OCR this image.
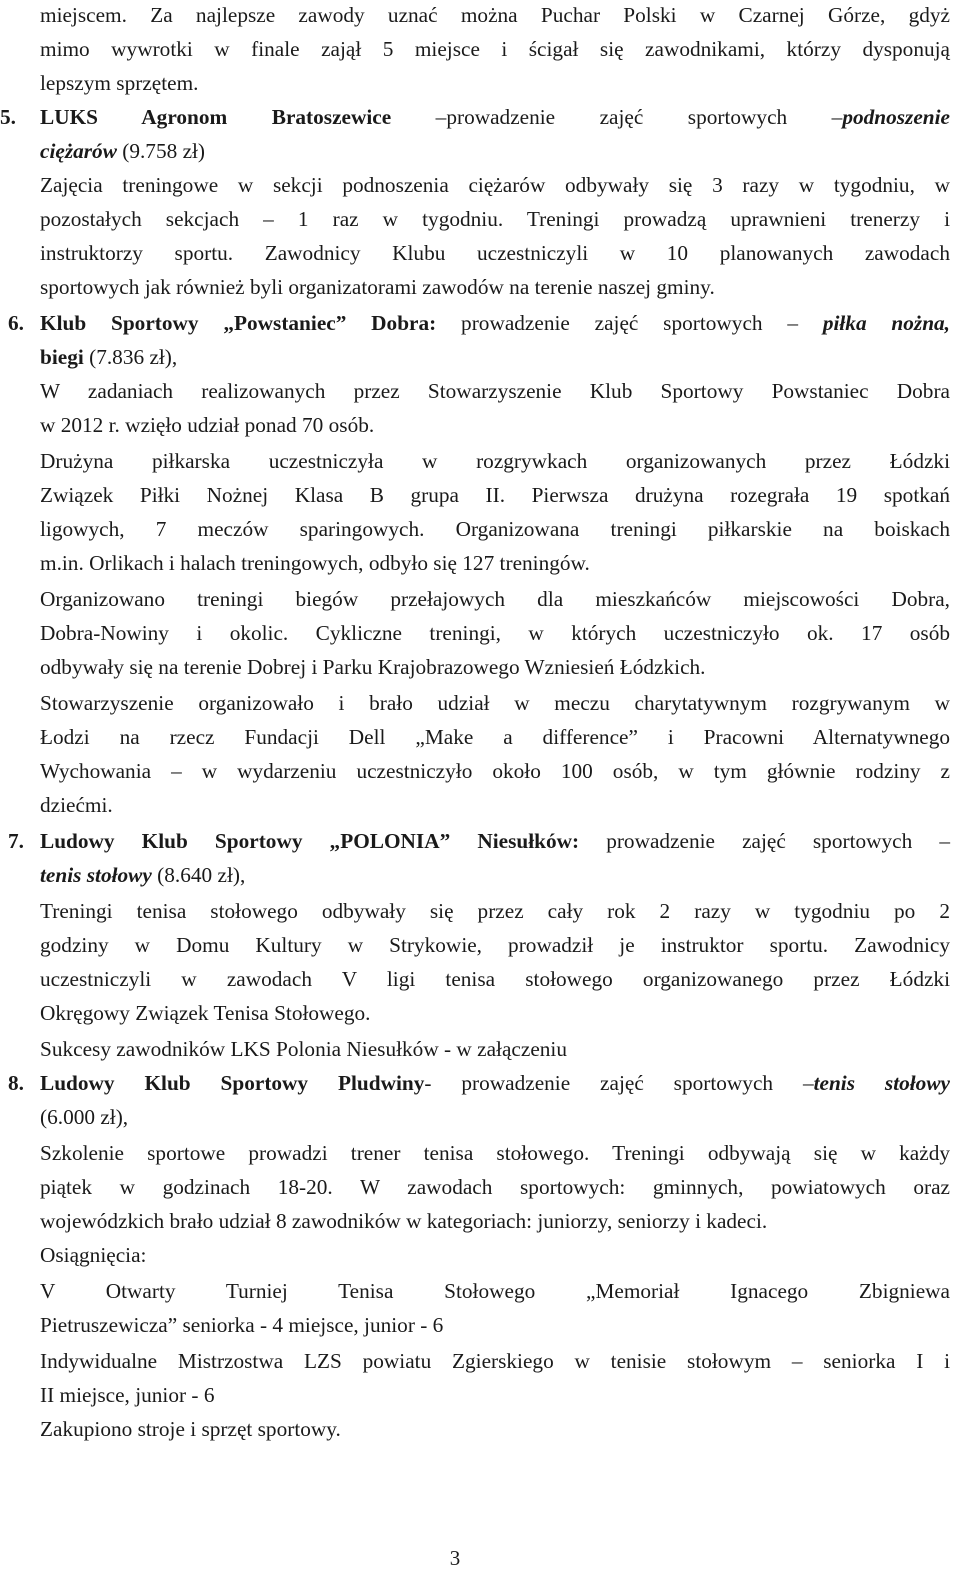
miejscem. Za najlepsze zawody uznać można Puchar Polski w Czarnej Górze, gdyż
mimo wywrotki w finale zajął 5 miejsce i ścigał się zawodnikami, którzy dysponują
lepszym sprzętem.
5.	LUKS Agronom Bratoszewice –prowadzenie zajęć sportowych –podnoszenie
ciężarów (9.758 zł)
Zajęcia treningowe w sekcji podnoszenia ciężarów odbywały się 3 razy w tygodniu, w
pozostałych sekcjach – 1 raz w tygodniu. Treningi prowadzą uprawnieni trenerzy i
instruktorzy sportu. Zawodnicy Klubu uczestniczyli w 10 planowanych zawodach
sportowych jak również byli organizatorami zawodów na terenie naszej gminy.
6. Klub Sportowy „Powstaniec” Dobra: prowadzenie zajęć sportowych – piłka nożna,
biegi (7.836 zł),
W zadaniach realizowanych przez Stowarzyszenie Klub Sportowy Powstaniec Dobra
w 2012 r. wzięło udział ponad 70 osób.
Drużyna piłkarska uczestniczyła w rozgrywkach organizowanych przez Łódzki
Związek Piłki Nożnej Klasa B grupa II. Pierwsza drużyna rozegrała 19 spotkań
ligowych, 7 meczów sparingowych. Organizowana treningi piłkarskie na boiskach
m.in. Orlikach i halach treningowych, odbyło się 127 treningów.
Organizowano treningi biegów przełajowych dla mieszkańców miejscowości Dobra,
Dobra-Nowiny i okolic. Cykliczne treningi, w których uczestniczyło ok. 17 osób
odbywały się na terenie Dobrej i Parku Krajobrazowego Wzniesień Łódzkich.
Stowarzyszenie organizowało i brało udział w meczu charytatywnym rozgrywanym w
Łodzi na rzecz Fundacji Dell „Make a difference” i Pracowni Alternatywnego
Wychowania – w wydarzeniu uczestniczyło około 100 osób, w tym głównie rodziny z
dziećmi.
7. Ludowy Klub Sportowy „POLONIA” Niesułków: prowadzenie zajęć sportowych –
tenis stołowy (8.640 zł),
Treningi tenisa stołowego odbywały się przez cały rok 2 razy w tygodniu po 2
godziny w Domu Kultury w Strykowie, prowadził je instruktor sportu. Zawodnicy
uczestniczyli w zawodach V ligi tenisa stołowego organizowanego przez Łódzki
Okręgowy Związek Tenisa Stołowego.
Sukcesy zawodników LKS Polonia Niesułków - w załączeniu
8. Ludowy Klub Sportowy Pludwiny- prowadzenie zajęć sportowych –tenis stołowy
(6.000 zł),
Szkolenie sportowe prowadzi trener tenisa stołowego. Treningi odbywają się w każdy
piątek w godzinach 18-20. W zawodach sportowych: gminnych, powiatowych oraz
wojewódzkich brało udział 8 zawodników w kategoriach: juniorzy, seniorzy i kadeci.
Osiągnięcia:
V Otwarty Turniej Tenisa Stołowego „Memoriał Ignacego Zbigniewa
Pietruszewicza” seniorka - 4 miejsce, junior - 6
Indywidualne Mistrzostwa LZS powiatu Zgierskiego w tenisie stołowym – seniorka I i
II miejsce, junior - 6
Zakupiono stroje i sprzęt sportowy.
3
